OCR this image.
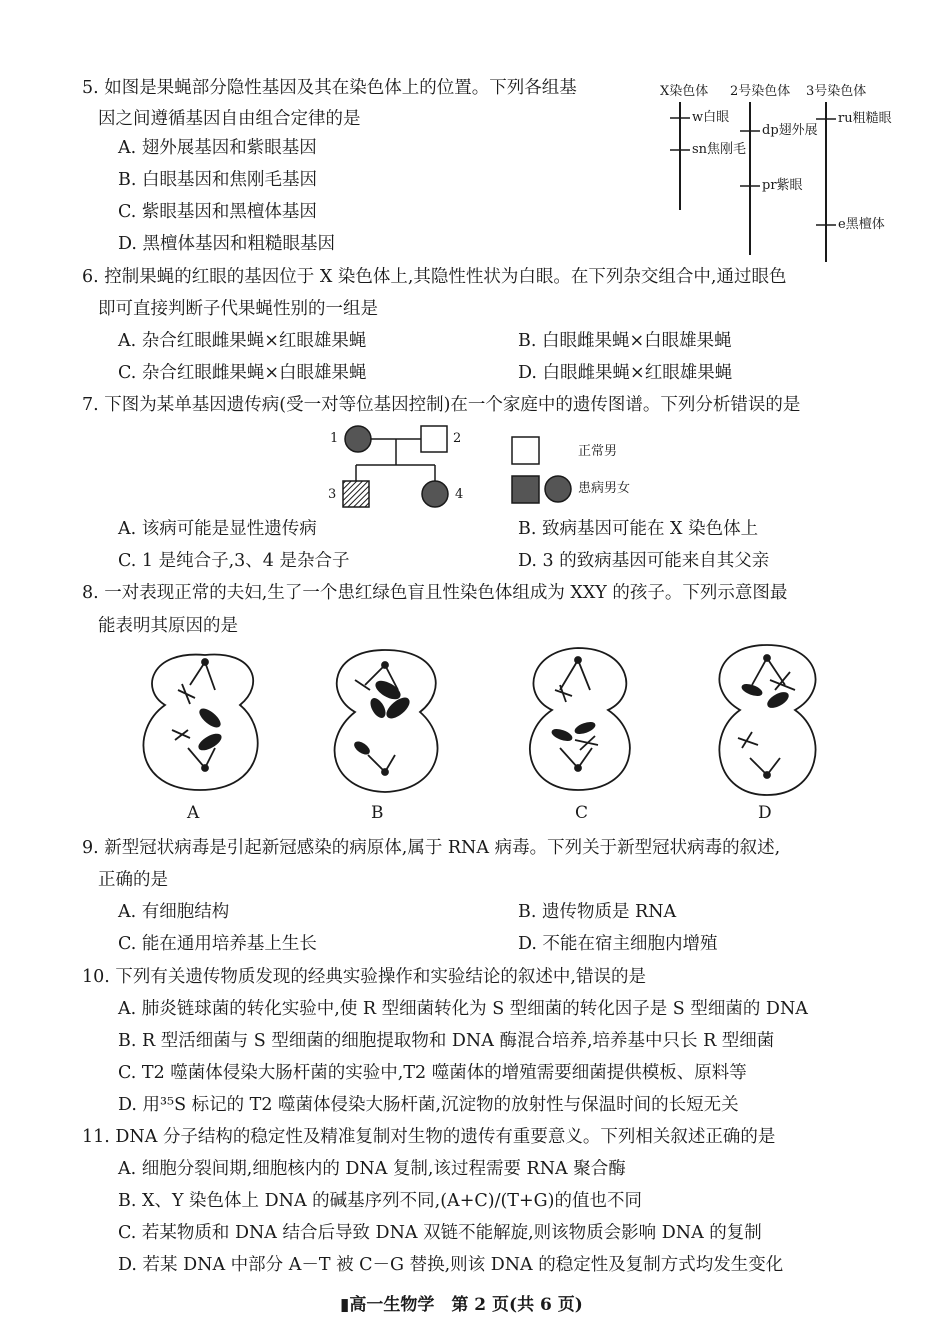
5. 如图是果蝇部分隐性基因及其在染色体上的位置。下列各组基
因之间遵循基因自由组合定律的是
A. 翅外展基因和紫眼基因
B. 白眼基因和焦刚毛基因
C. 紫眼基因和黑檀体基因
D. 黑檀体基因和粗糙眼基因
X染色体 2号染色体 3号染色体
w白眼
sn焦刚毛
dp翅外展
pr紫眼
ru粗糙眼
e黑檀体
6. 控制果蝇的红眼的基因位于 X 染色体上,其隐性性状为白眼。在下列杂交组合中,通过眼色
即可直接判断子代果蝇性别的一组是
A. 杂合红眼雌果蝇×红眼雄果蝇	B. 白眼雌果蝇×白眼雄果蝇
C. 杂合红眼雌果蝇×白眼雄果蝇	D. 白眼雌果蝇×红眼雄果蝇
7. 下图为某单基因遗传病(受一对等位基因控制)在一个家庭中的遗传图谱。下列分析错误的是
1	2
3	4
正常男
患病男女
A. 该病可能是显性遗传病	B. 致病基因可能在 X 染色体上
C. 1 是纯合子,3、4 是杂合子	D. 3 的致病基因可能来自其父亲
8. 一对表现正常的夫妇,生了一个患红绿色盲且性染色体组成为 XXY 的孩子。下列示意图最
能表明其原因的是
A	B	C	D
9. 新型冠状病毒是引起新冠感染的病原体,属于 RNA 病毒。下列关于新型冠状病毒的叙述,
正确的是
A. 有细胞结构	B. 遗传物质是 RNA
C. 能在通用培养基上生长	D. 不能在宿主细胞内增殖
10. 下列有关遗传物质发现的经典实验操作和实验结论的叙述中,错误的是
A. 肺炎链球菌的转化实验中,使 R 型细菌转化为 S 型细菌的转化因子是 S 型细菌的 DNA
B. R 型活细菌与 S 型细菌的细胞提取物和 DNA 酶混合培养,培养基中只长 R 型细菌
C. T2 噬菌体侵染大肠杆菌的实验中,T2 噬菌体的增殖需要细菌提供模板、原料等
D. 用³⁵S 标记的 T2 噬菌体侵染大肠杆菌,沉淀物的放射性与保温时间的长短无关
11. DNA 分子结构的稳定性及精准复制对生物的遗传有重要意义。下列相关叙述正确的是
A. 细胞分裂间期,细胞核内的 DNA 复制,该过程需要 RNA 聚合酶
B. X、Y 染色体上 DNA 的碱基序列不同,(A+C)/(T+G)的值也不同
C. 若某物质和 DNA 结合后导致 DNA 双链不能解旋,则该物质会影响 DNA 的复制
D. 若某 DNA 中部分 A－T 被 C－G 替换,则该 DNA 的稳定性及复制方式均发生变化
▮高一生物学　第 2 页(共 6 页)
